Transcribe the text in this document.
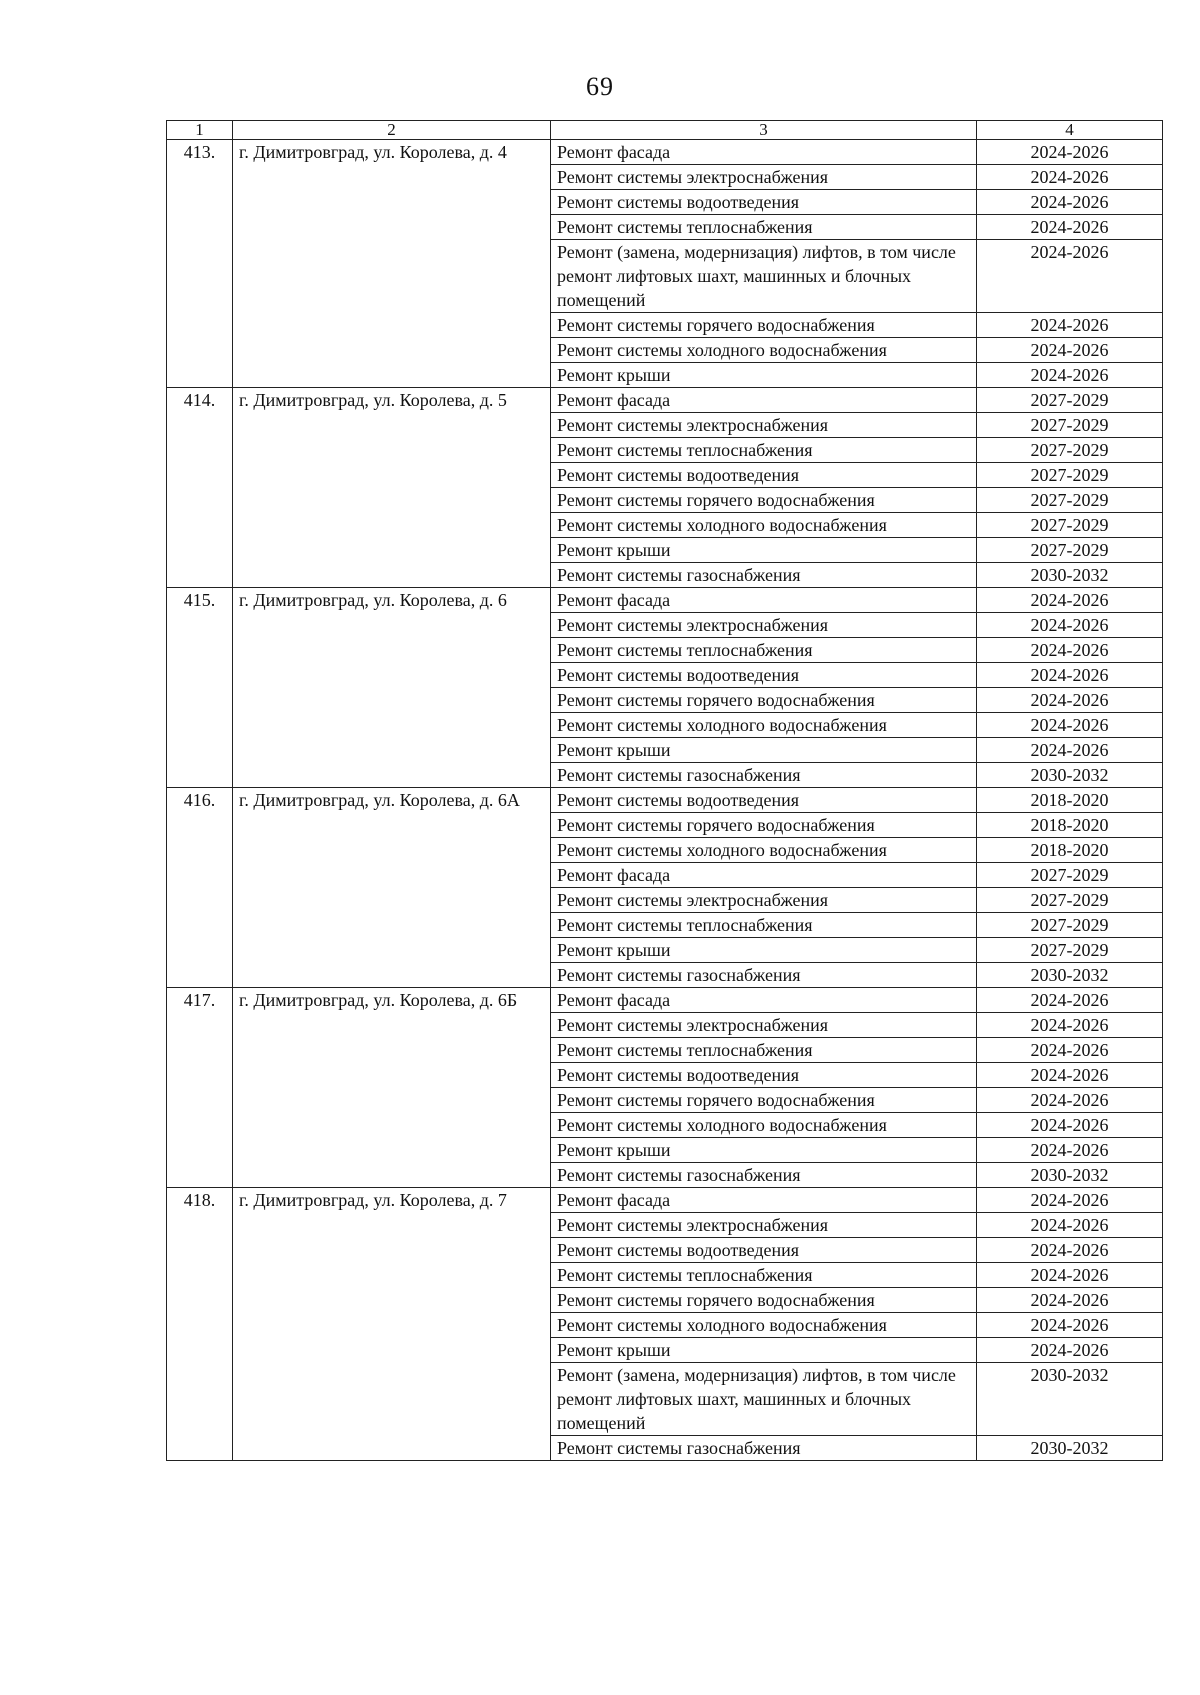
69
1	2	3	4
413.	г. Димитровград, ул. Королева, д. 4	Ремонт фасада	2024-2026
		Ремонт системы электроснабжения	2024-2026
		Ремонт системы водоотведения	2024-2026
		Ремонт системы теплоснабжения	2024-2026
		Ремонт (замена, модернизация) лифтов, в том числе ремонт лифтовых шахт, машинных и блочных помещений	2024-2026
		Ремонт системы горячего водоснабжения	2024-2026
		Ремонт системы холодного водоснабжения	2024-2026
		Ремонт крыши	2024-2026
414.	г. Димитровград, ул. Королева, д. 5	Ремонт фасада	2027-2029
		Ремонт системы электроснабжения	2027-2029
		Ремонт системы теплоснабжения	2027-2029
		Ремонт системы водоотведения	2027-2029
		Ремонт системы горячего водоснабжения	2027-2029
		Ремонт системы холодного водоснабжения	2027-2029
		Ремонт крыши	2027-2029
		Ремонт системы газоснабжения	2030-2032
415.	г. Димитровград, ул. Королева, д. 6	Ремонт фасада	2024-2026
		Ремонт системы электроснабжения	2024-2026
		Ремонт системы теплоснабжения	2024-2026
		Ремонт системы водоотведения	2024-2026
		Ремонт системы горячего водоснабжения	2024-2026
		Ремонт системы холодного водоснабжения	2024-2026
		Ремонт крыши	2024-2026
		Ремонт системы газоснабжения	2030-2032
416.	г. Димитровград, ул. Королева, д. 6А	Ремонт системы водоотведения	2018-2020
		Ремонт системы горячего водоснабжения	2018-2020
		Ремонт системы холодного водоснабжения	2018-2020
		Ремонт фасада	2027-2029
		Ремонт системы электроснабжения	2027-2029
		Ремонт системы теплоснабжения	2027-2029
		Ремонт крыши	2027-2029
		Ремонт системы газоснабжения	2030-2032
417.	г. Димитровград, ул. Королева, д. 6Б	Ремонт фасада	2024-2026
		Ремонт системы электроснабжения	2024-2026
		Ремонт системы теплоснабжения	2024-2026
		Ремонт системы водоотведения	2024-2026
		Ремонт системы горячего водоснабжения	2024-2026
		Ремонт системы холодного водоснабжения	2024-2026
		Ремонт крыши	2024-2026
		Ремонт системы газоснабжения	2030-2032
418.	г. Димитровград, ул. Королева, д. 7	Ремонт фасада	2024-2026
		Ремонт системы электроснабжения	2024-2026
		Ремонт системы водоотведения	2024-2026
		Ремонт системы теплоснабжения	2024-2026
		Ремонт системы горячего водоснабжения	2024-2026
		Ремонт системы холодного водоснабжения	2024-2026
		Ремонт крыши	2024-2026
		Ремонт (замена, модернизация) лифтов, в том числе ремонт лифтовых шахт, машинных и блочных помещений	2030-2032
		Ремонт системы газоснабжения	2030-2032
